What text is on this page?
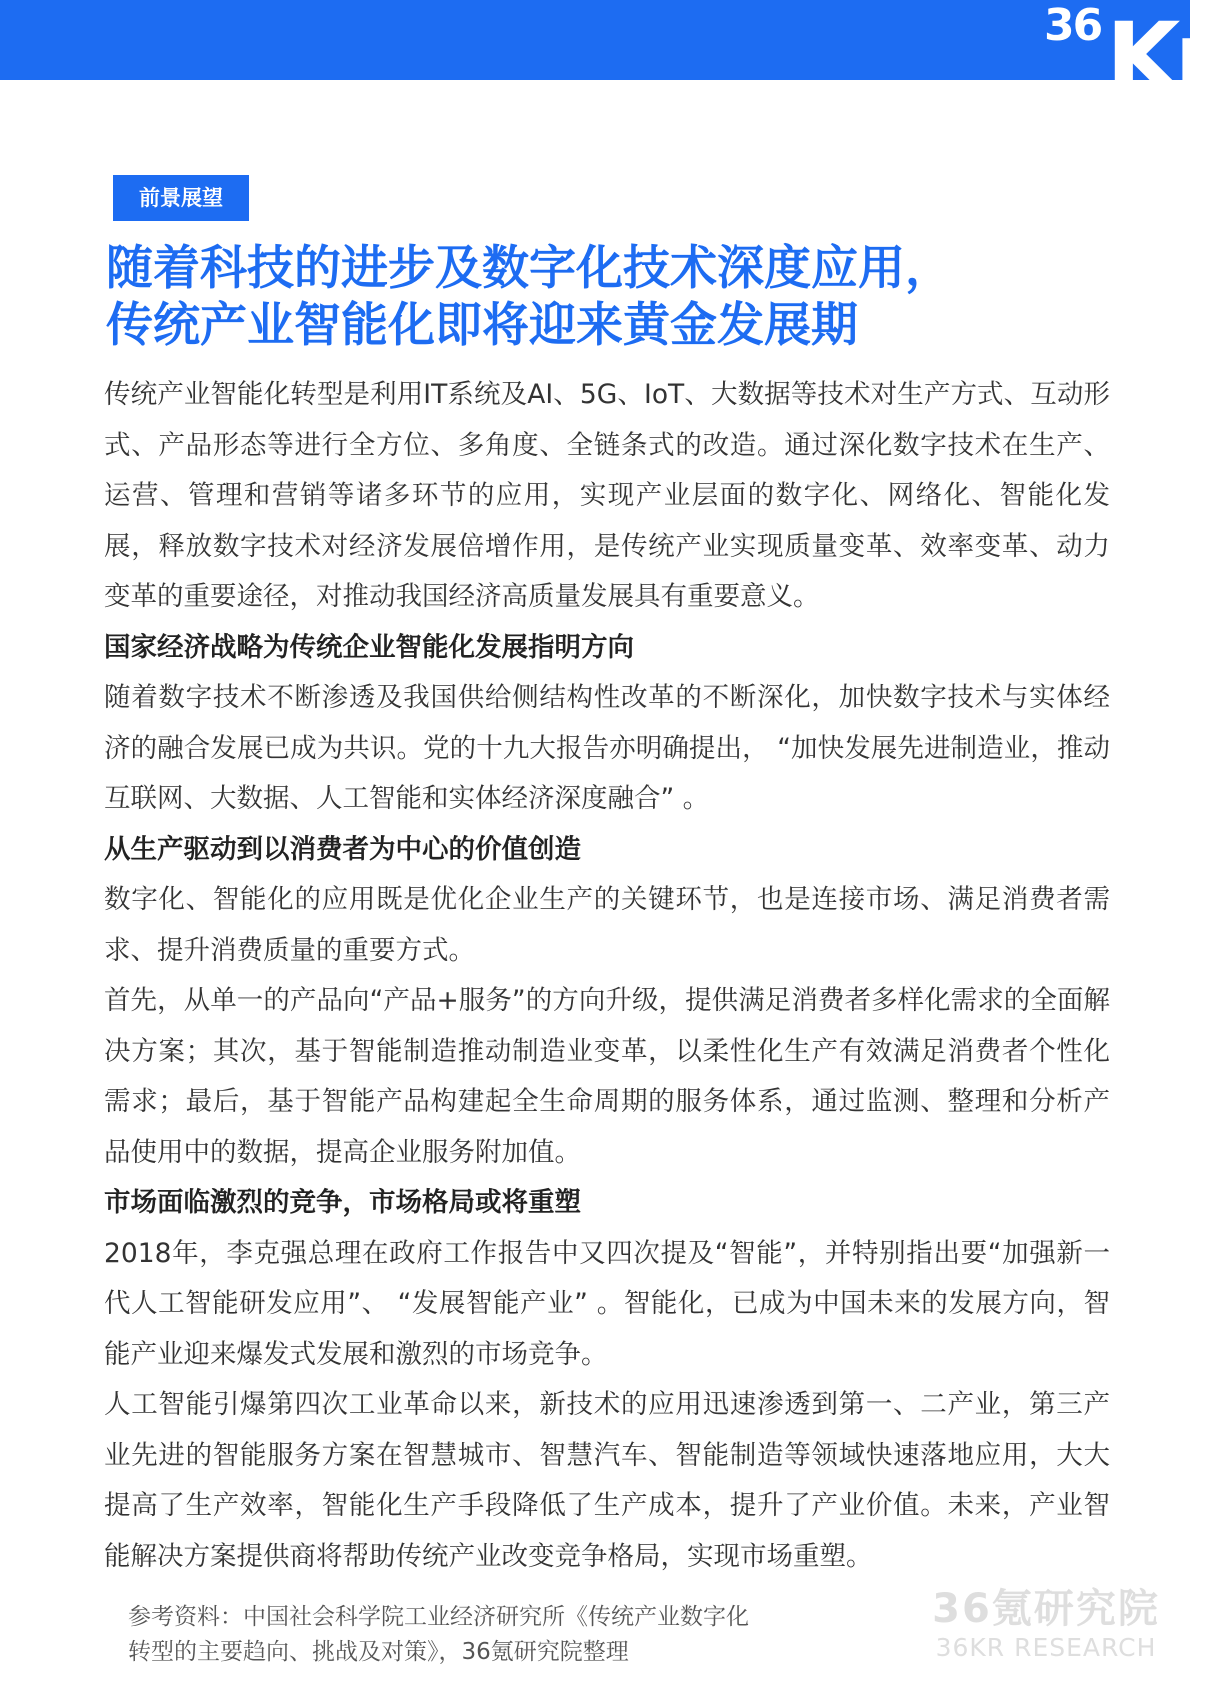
36 Kr
前景展望
随着科技的进步及数字化技术深度应用，
传统产业智能化即将迎来黄金发展期

传统产业智能化转型是利用IT系统及AI、5G、IoT、大数据等技术对生产方式、互动形式、产品形态等进行全方位、多角度、全链条式的改造。通过深化数字技术在生产、运营、管理和营销等诸多环节的应用，实现产业层面的数字化、网络化、智能化发展，释放数字技术对经济发展倍增作用，是传统产业实现质量变革、效率变革、动力变革的重要途径，对推动我国经济高质量发展具有重要意义。

国家经济战略为传统企业智能化发展指明方向

随着数字技术不断渗透及我国供给侧结构性改革的不断深化，加快数字技术与实体经济的融合发展已成为共识。党的十九大报告亦明确提出， “加快发展先进制造业，推动互联网、大数据、人工智能和实体经济深度融合” 。

从生产驱动到以消费者为中心的价值创造

数字化、智能化的应用既是优化企业生产的关键环节，也是连接市场、满足消费者需求、提升消费质量的重要方式。

首先，从单一的产品向“产品+服务”的方向升级，提供满足消费者多样化需求的全面解决方案；其次，基于智能制造推动制造业变革，以柔性化生产有效满足消费者个性化需求；最后，基于智能产品构建起全生命周期的服务体系，通过监测、整理和分析产品使用中的数据，提高企业服务附加值。

市场面临激烈的竞争，市场格局或将重塑

2018年，李克强总理在政府工作报告中又四次提及“智能”，并特别指出要“加强新一代人工智能研发应用”、 “发展智能产业” 。智能化，已成为中国未来的发展方向，智能产业迎来爆发式发展和激烈的市场竞争。

人工智能引爆第四次工业革命以来，新技术的应用迅速渗透到第一、二产业，第三产业先进的智能服务方案在智慧城市、智慧汽车、智能制造等领域快速落地应用，大大提高了生产效率，智能化生产手段降低了生产成本，提升了产业价值。未来，产业智能解决方案提供商将帮助传统产业改变竞争格局，实现市场重塑。

参考资料：中国社会科学院工业经济研究所《传统产业数字化转型的主要趋向、挑战及对策》，36氪研究院整理
36氪研究院
36KR RESEARCH
